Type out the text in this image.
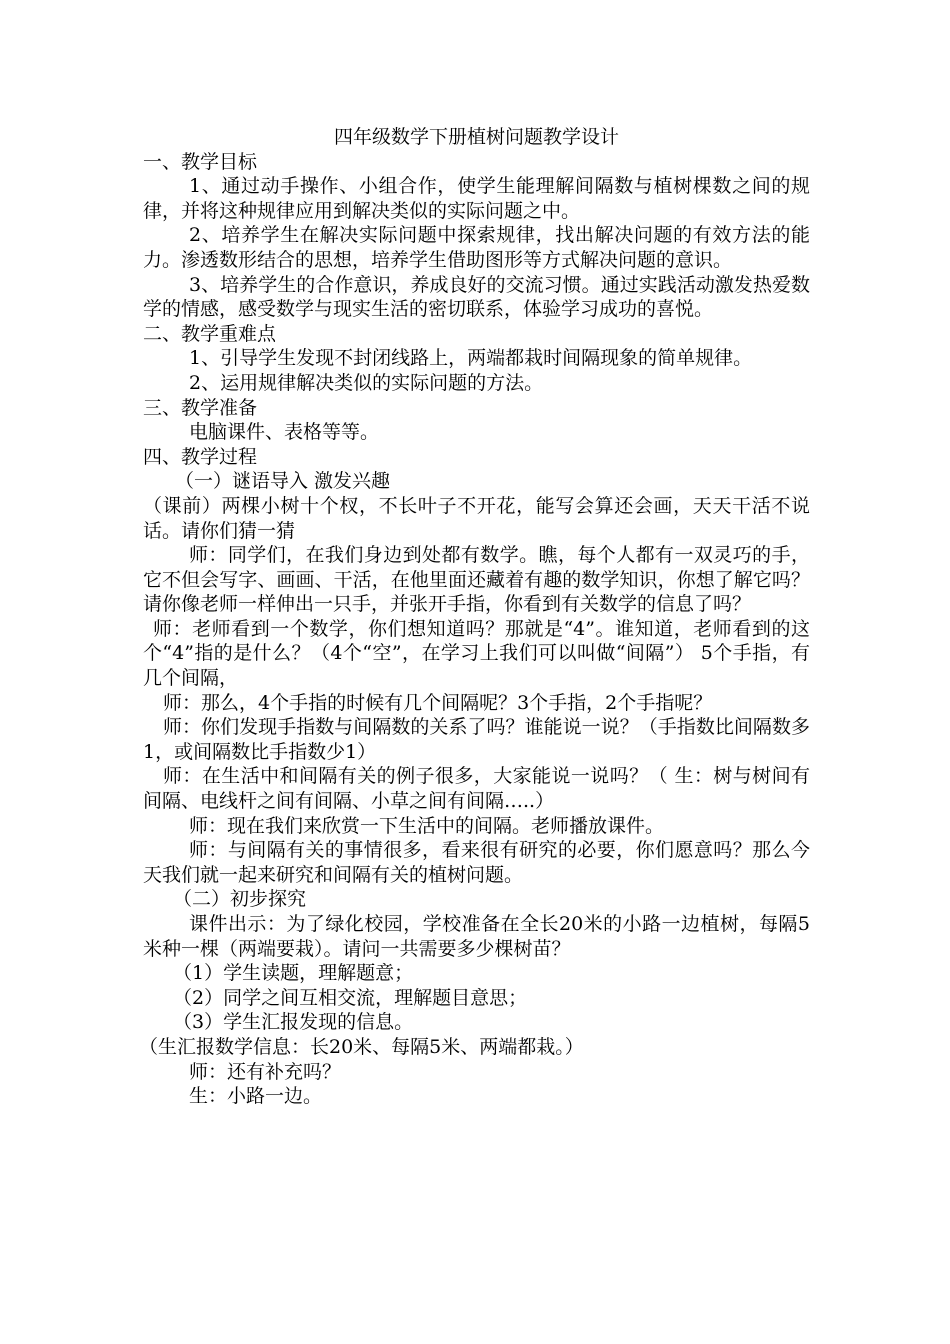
四年级数学下册植树问题教学设计

一、教学目标

1、通过动手操作、小组合作，使学生能理解间隔数与植树棵数之间的规律，并将这种规律应用到解决类似的实际问题之中。

2、培养学生在解决实际问题中探索规律，找出解决问题的有效方法的能力。渗透数形结合的思想，培养学生借助图形等方式解决问题的意识。

3、培养学生的合作意识，养成良好的交流习惯。通过实践活动激发热爱数学的情感，感受数学与现实生活的密切联系，体验学习成功的喜悦。

二、教学重难点

1、引导学生发现不封闭线路上，两端都栽时间隔现象的简单规律。

2、运用规律解决类似的实际问题的方法。

三、教学准备

电脑课件、表格等等。

四、教学过程

（一）谜语导入 激发兴趣

（课前）两棵小树十个杈，不长叶子不开花，能写会算还会画，天天干活不说话。请你们猜一猜

师：同学们，在我们身边到处都有数学。瞧，每个人都有一双灵巧的手，它不但会写字、画画、干活，在他里面还藏着有趣的数学知识，你想了解它吗？请你像老师一样伸出一只手，并张开手指，你看到有关数学的信息了吗？

师：老师看到一个数学，你们想知道吗？那就是“4”。谁知道，老师看到的这个“4”指的是什么？（4个“空”，在学习上我们可以叫做“间隔”） 5个手指，有几个间隔，

师：那么，4个手指的时候有几个间隔呢？3个手指，2个手指呢？

师：你们发现手指数与间隔数的关系了吗？谁能说一说？（手指数比间隔数多1，或间隔数比手指数少1）

师：在生活中和间隔有关的例子很多，大家能说一说吗？（ 生：树与树间有间隔、电线杆之间有间隔、小草之间有间隔…..）

师：现在我们来欣赏一下生活中的间隔。老师播放课件。

师：与间隔有关的事情很多，看来很有研究的必要，你们愿意吗？那么今天我们就一起来研究和间隔有关的植树问题。

（二）初步探究

课件出示：为了绿化校园，学校准备在全长20米的小路一边植树，每隔5米种一棵（两端要栽）。请问一共需要多少棵树苗？

（1）学生读题，理解题意；

（2）同学之间互相交流，理解题目意思；

（3）学生汇报发现的信息。

（生汇报数学信息：长20米、每隔5米、两端都栽。）

师：还有补充吗？

生：小路一边。
